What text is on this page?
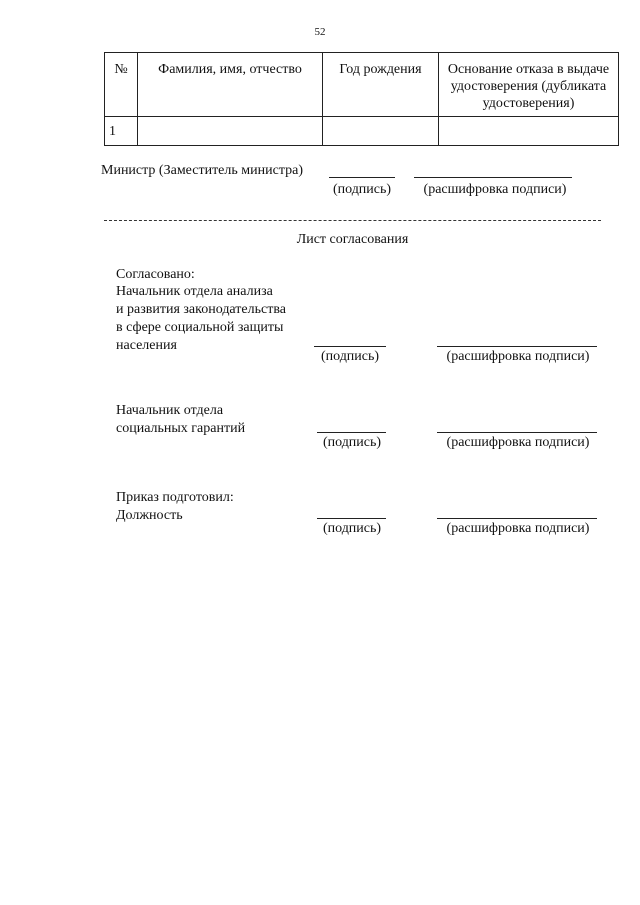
52
№	Фамилия, имя, отчество	Год рождения	Основание отказа в выдаче удостоверения (дубликата удостоверения)
1			
Министр (Заместитель министра)
(подпись)	(расшифровка подписи)
Лист согласования
Согласовано:
Начальник отдела анализа
и развития законодательства
в сфере социальной защиты
населения
(подпись)	(расшифровка подписи)
Начальник отдела
социальных гарантий
(подпись)	(расшифровка подписи)
Приказ подготовил:
Должность
(подпись)	(расшифровка подписи)
